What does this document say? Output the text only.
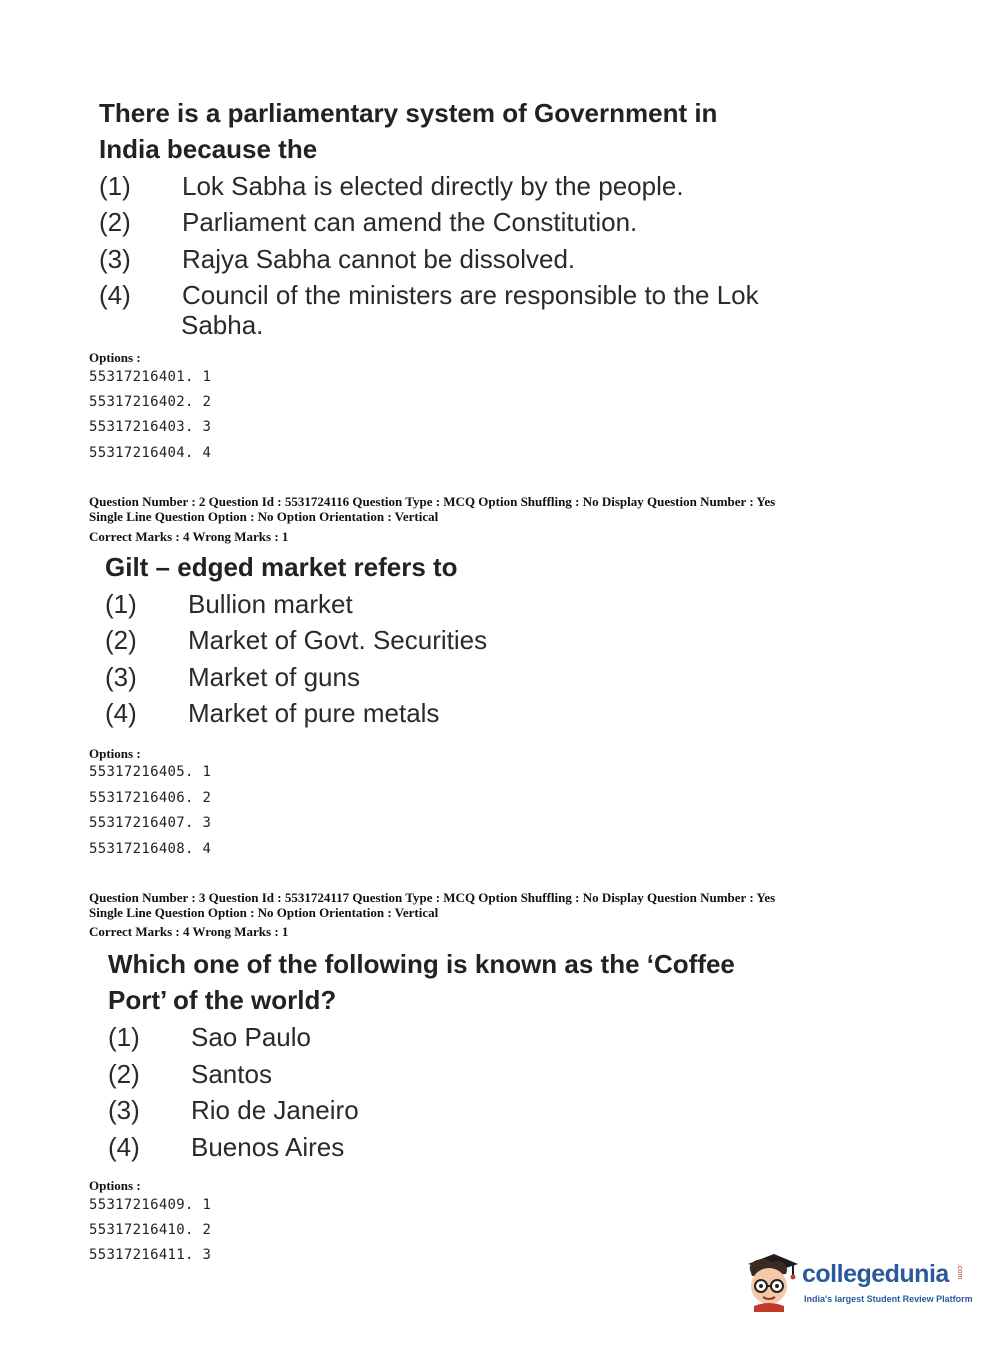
There is a parliamentary system of Government in
India because the
(1) Lok Sabha is elected directly by the people.
(2) Parliament can amend the Constitution.
(3) Rajya Sabha cannot be dissolved.
(4) Council of the ministers are responsible to the Lok
Sabha.
Options :
55317216401. 1
55317216402. 2
55317216403. 3
55317216404. 4
Question Number : 2 Question Id : 5531724116 Question Type : MCQ Option Shuffling : No Display Question Number : Yes
Single Line Question Option : No Option Orientation : Vertical
Correct Marks : 4 Wrong Marks : 1
Gilt – edged market refers to
(1) Bullion market
(2) Market of Govt. Securities
(3) Market of guns
(4) Market of pure metals
Options :
55317216405. 1
55317216406. 2
55317216407. 3
55317216408. 4
Question Number : 3 Question Id : 5531724117 Question Type : MCQ Option Shuffling : No Display Question Number : Yes
Single Line Question Option : No Option Orientation : Vertical
Correct Marks : 4 Wrong Marks : 1
Which one of the following is known as the ‘Coffee
Port’ of the world?
(1) Sao Paulo
(2) Santos
(3) Rio de Janeiro
(4) Buenos Aires
Options :
55317216409. 1
55317216410. 2
55317216411. 3
collegedunia .com
India's largest Student Review Platform
